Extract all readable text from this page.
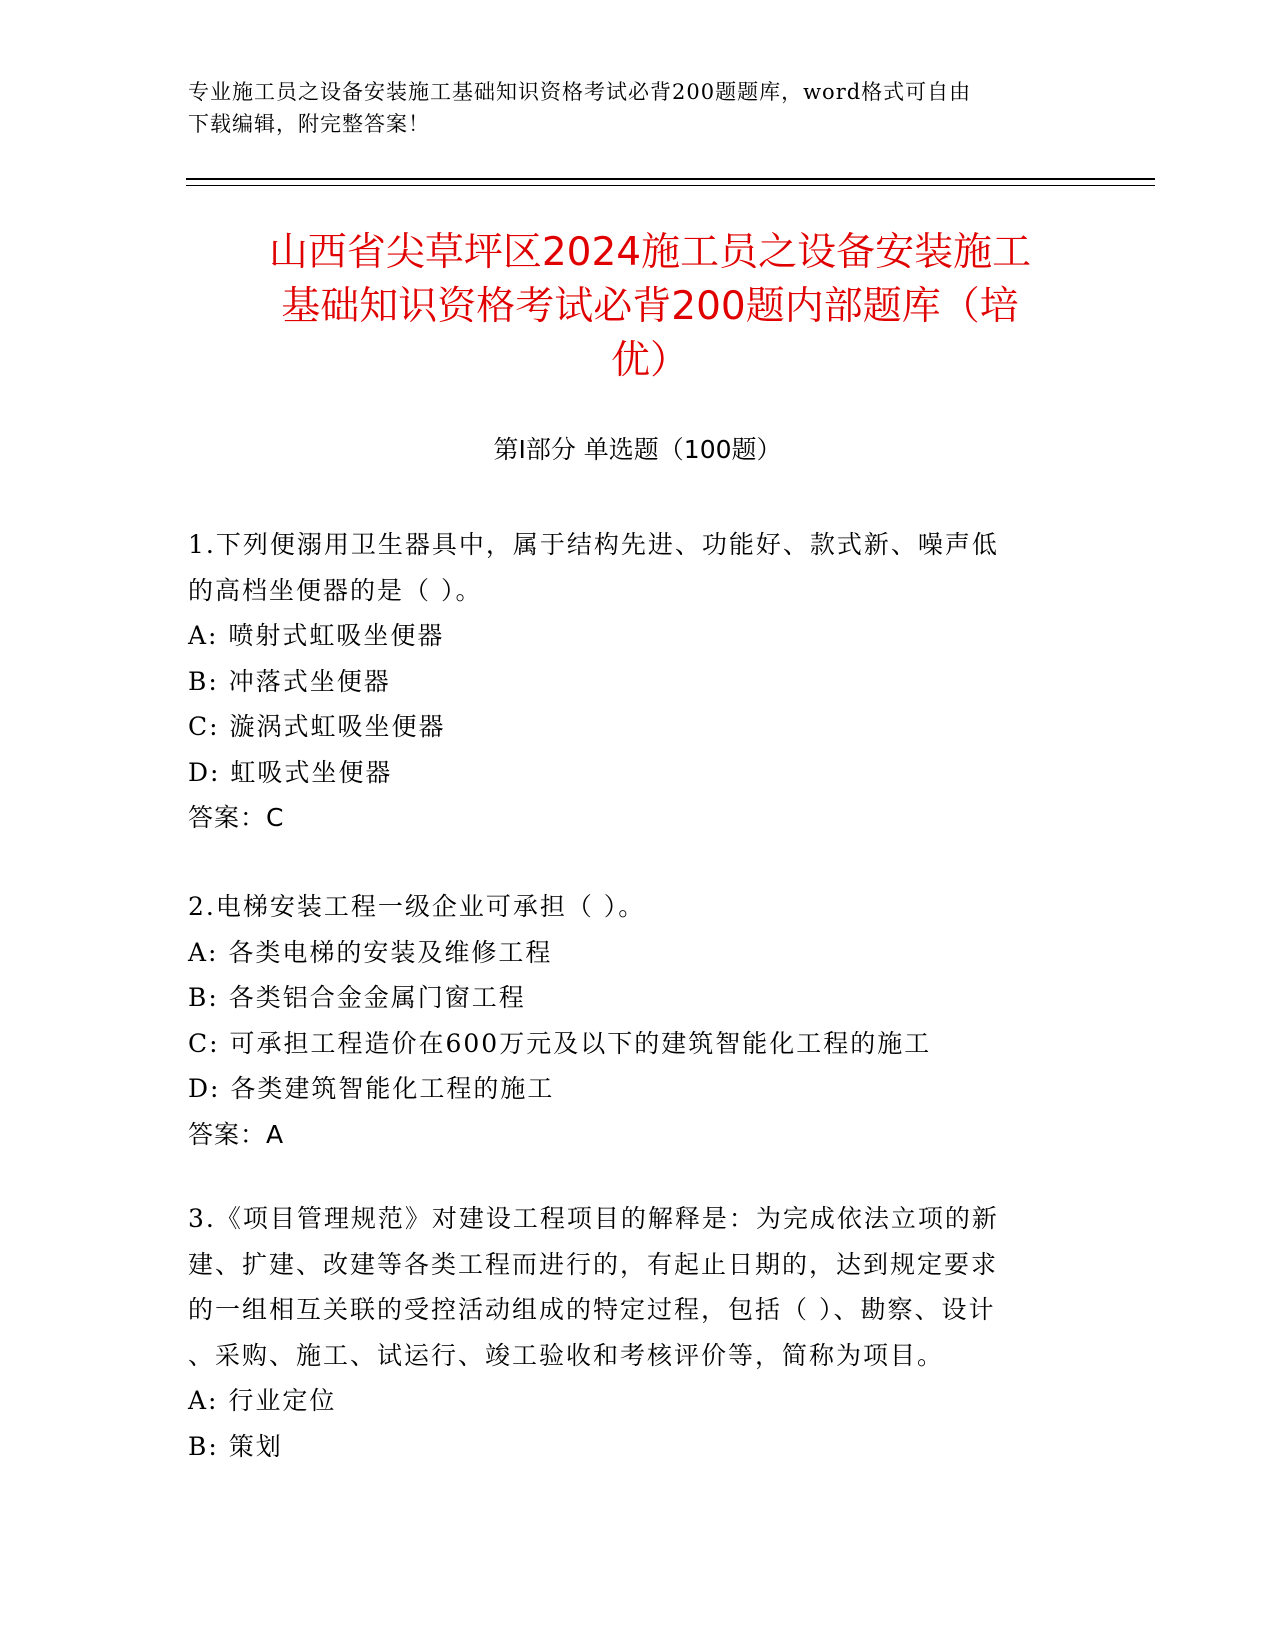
专业施工员之设备安装施工基础知识资格考试必背200题题库，word格式可自由
下载编辑，附完整答案！
山西省尖草坪区2024施工员之设备安装施工
基础知识资格考试必背200题内部题库（培
优）
第Ⅰ部分 单选题（100题）
1.下列便溺用卫生器具中，属于结构先进、功能好、款式新、噪声低
的高档坐便器的是（ ）。
A: 喷射式虹吸坐便器
B: 冲落式坐便器
C: 漩涡式虹吸坐便器
D: 虹吸式坐便器
答案：C
2.电梯安装工程一级企业可承担（ ）。
A: 各类电梯的安装及维修工程
B: 各类铝合金金属门窗工程
C: 可承担工程造价在600万元及以下的建筑智能化工程的施工
D: 各类建筑智能化工程的施工
答案：A
3.《项目管理规范》对建设工程项目的解释是：为完成依法立项的新
建、扩建、改建等各类工程而进行的，有起止日期的，达到规定要求
的一组相互关联的受控活动组成的特定过程，包括（ ）、勘察、设计
、采购、施工、试运行、竣工验收和考核评价等，简称为项目。
A: 行业定位
B: 策划
